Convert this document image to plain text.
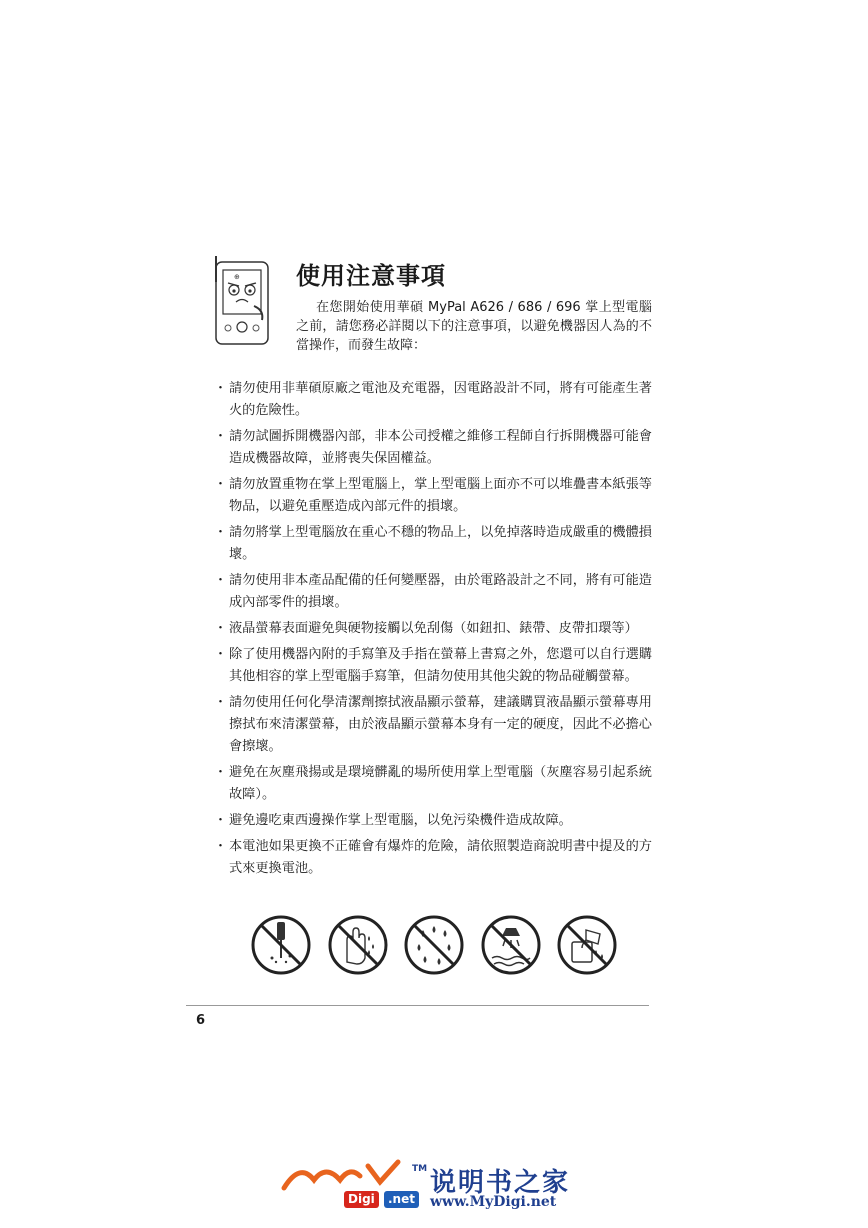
⊕ 使用注意事項
在您開始使用華碩 MyPal A626 / 686 / 696 掌上型電腦之前，請您務必詳閱以下的注意事項，以避免機器因人為的不當操作，而發生故障：
・ 請勿使用非華碩原廠之電池及充電器，因電路設計不同，將有可能產生著火的危險性。
・ 請勿試圖拆開機器內部，非本公司授權之維修工程師自行拆開機器可能會造成機器故障，並將喪失保固權益。
・ 請勿放置重物在掌上型電腦上，掌上型電腦上面亦不可以堆疊書本紙張等物品，以避免重壓造成內部元件的損壞。
・ 請勿將掌上型電腦放在重心不穩的物品上，以免掉落時造成嚴重的機體損壞。
・ 請勿使用非本產品配備的任何變壓器，由於電路設計之不同，將有可能造成內部零件的損壞。
・ 液晶螢幕表面避免與硬物接觸以免刮傷（如鈕扣、錶帶、皮帶扣環等）
・ 除了使用機器內附的手寫筆及手指在螢幕上書寫之外，您還可以自行選購其他相容的掌上型電腦手寫筆，但請勿使用其他尖銳的物品碰觸螢幕。
・ 請勿使用任何化學清潔劑擦拭液晶顯示螢幕，建議購買液晶顯示螢幕專用擦拭布來清潔螢幕，由於液晶顯示螢幕本身有一定的硬度，因此不必擔心會擦壞。
・ 避免在灰塵飛揚或是環境髒亂的場所使用掌上型電腦（灰塵容易引起系統故障）。
・ 避免邊吃東西邊操作掌上型電腦，以免污染機件造成故障。
・ 本電池如果更換不正確會有爆炸的危險，請依照製造商說明書中提及的方式來更換電池。
6
TM
Digi	.net
说明书之家
www.MyDigi.net
